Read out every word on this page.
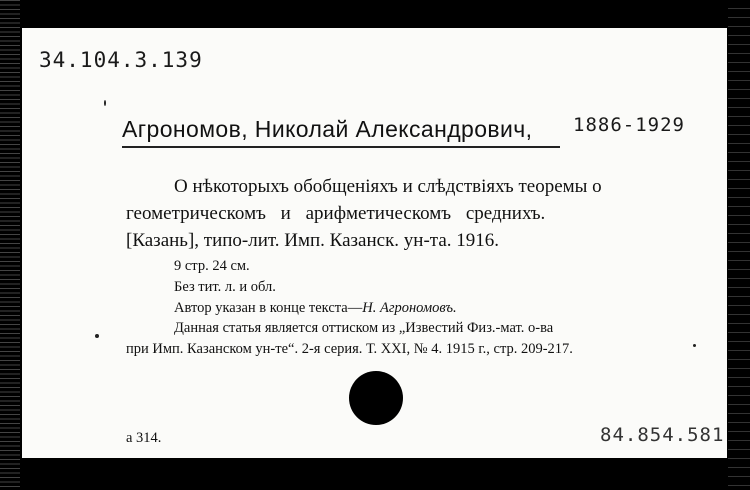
34.104.3.139
Агрономов, Николай Александрович, 1886-1929
О нѣкоторыхъ обобщеніяхъ и слѣдствіяхъ теоремы о
геометрическомъ и арифметическомъ среднихъ.
[Казань], типо-лит. Имп. Казанск. ун-та. 1916.
9 стр. 24 см.
Без тит. л. и обл.
Автор указан в конце текста—Н. Агрономовъ.
Данная статья является оттиском из „Известий Физ.-мат. о-ва
при Имп. Казанском ун-те“. 2-я серия. Т. XXI, № 4. 1915 г., стр. 209-217.
а 314.	84.854.581
